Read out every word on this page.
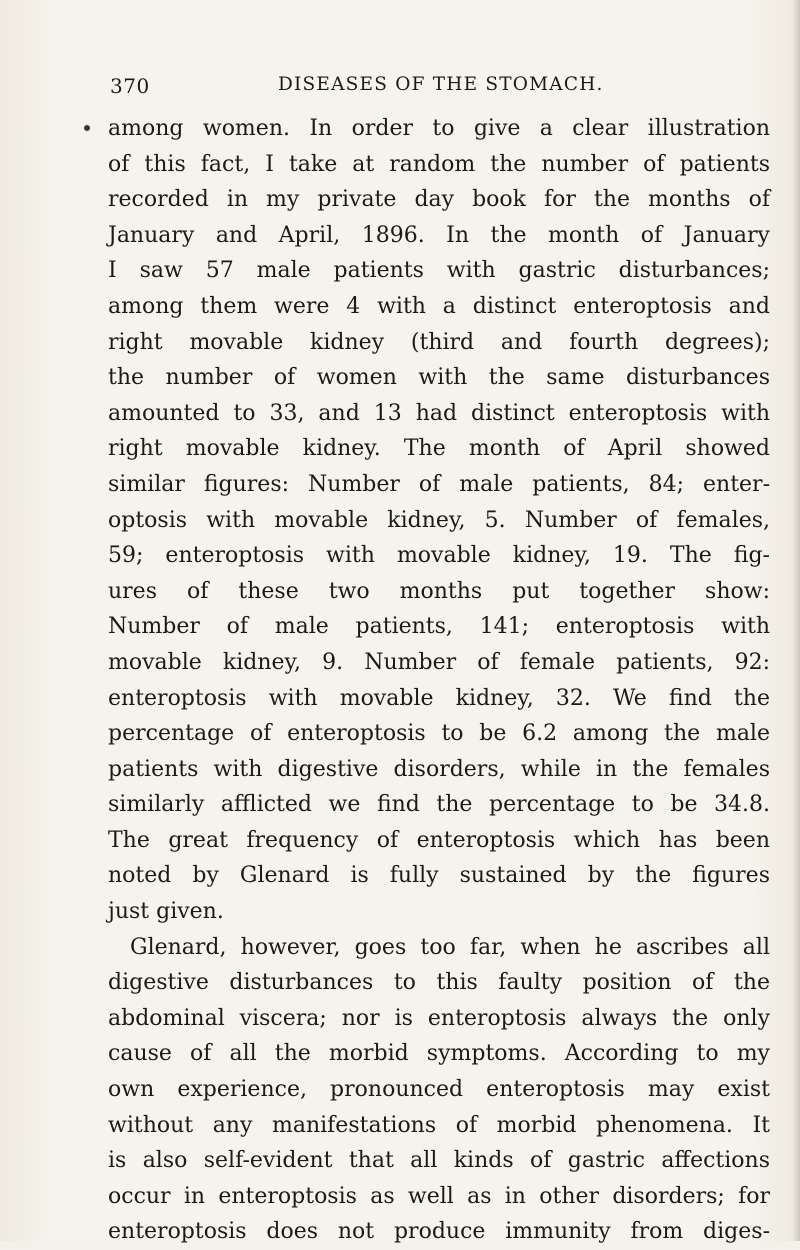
370	DISEASES OF THE STOMACH.
among women. In order to give a clear illustration
of this fact, I take at random the number of patients
recorded in my private day book for the months of
January and April, 1896. In the month of January
I saw 57 male patients with gastric disturbances;
among them were 4 with a distinct enteroptosis and
right movable kidney (third and fourth degrees);
the number of women with the same disturbances
amounted to 33, and 13 had distinct enteroptosis with
right movable kidney. The month of April showed
similar figures: Number of male patients, 84; enter-
optosis with movable kidney, 5. Number of females,
59; enteroptosis with movable kidney, 19. The fig-
ures of these two months put together show:
Number of male patients, 141; enteroptosis with
movable kidney, 9. Number of female patients, 92:
enteroptosis with movable kidney, 32. We find the
percentage of enteroptosis to be 6.2 among the male
patients with digestive disorders, while in the females
similarly afflicted we find the percentage to be 34.8.
The great frequency of enteroptosis which has been
noted by Glenard is fully sustained by the figures
just given.
Glenard, however, goes too far, when he ascribes all
digestive disturbances to this faulty position of the
abdominal viscera; nor is enteroptosis always the only
cause of all the morbid symptoms. According to my
own experience, pronounced enteroptosis may exist
without any manifestations of morbid phenomena. It
is also self-evident that all kinds of gastric affections
occur in enteroptosis as well as in other disorders; for
enteroptosis does not produce immunity from diges-
